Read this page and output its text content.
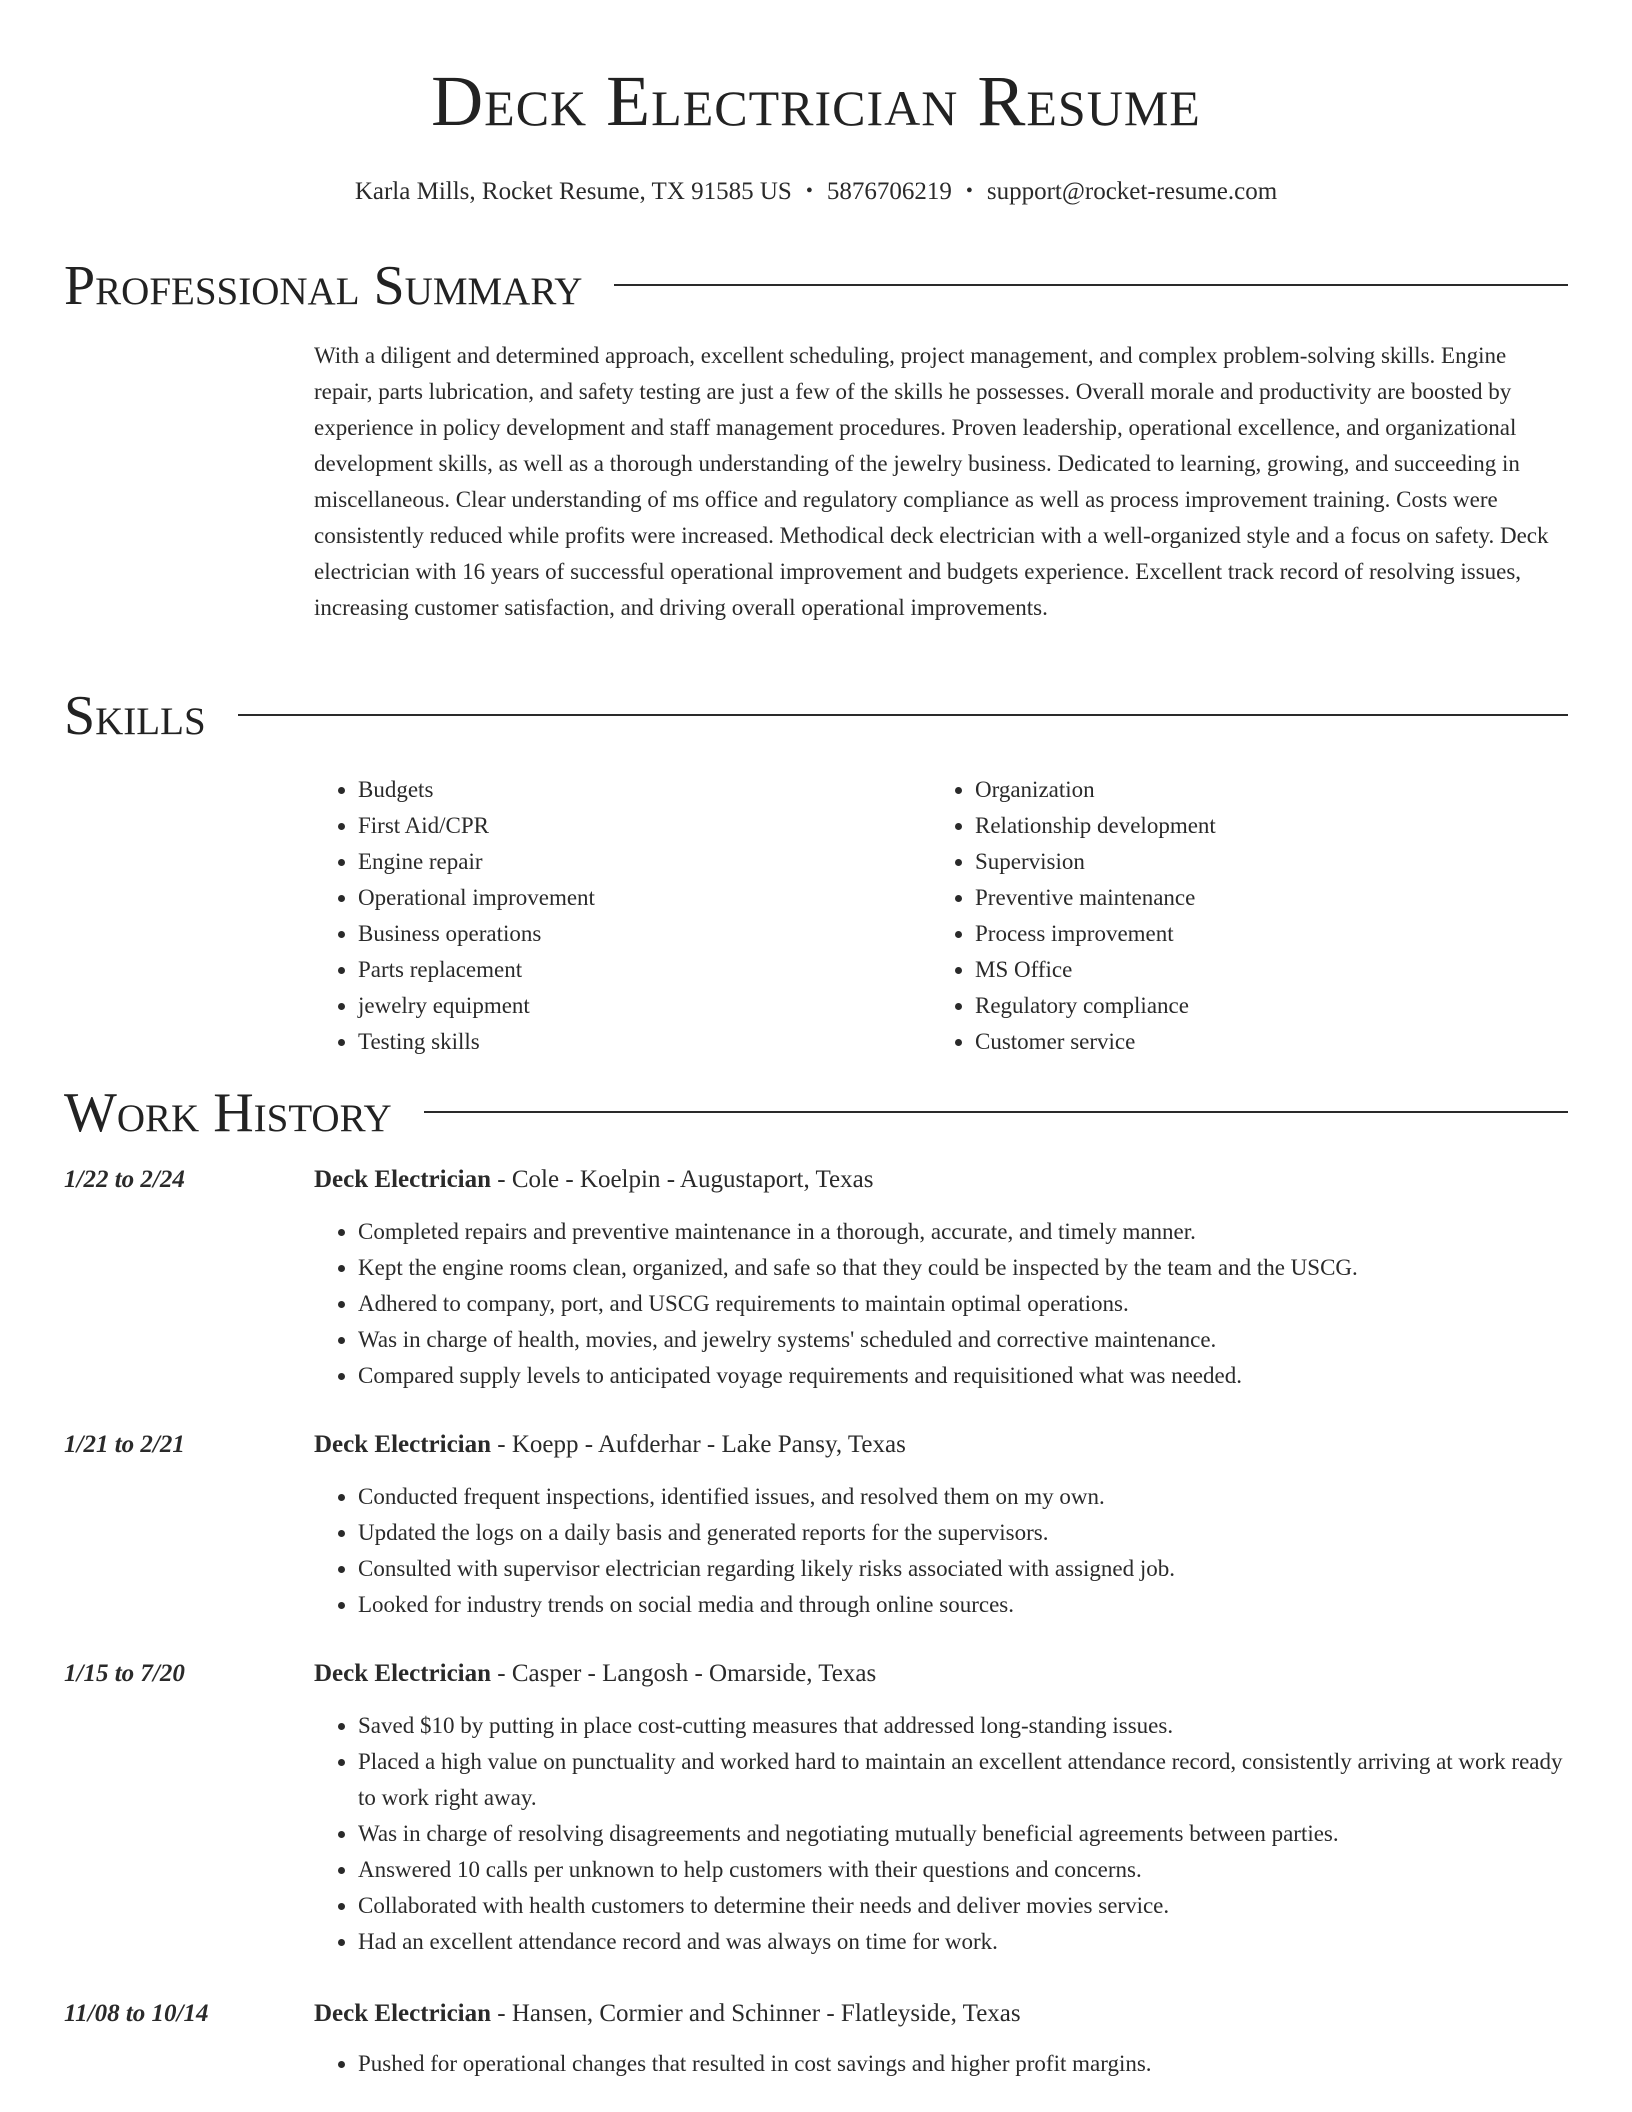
Deck Electrician Resume
Karla Mills, Rocket Resume, TX 91585 US • 5876706219 • support@rocket-resume.com
Professional Summary

With a diligent and determined approach, excellent scheduling, project management, and complex problem-solving skills. Engine repair, parts lubrication, and safety testing are just a few of the skills he possesses. Overall morale and productivity are boosted by experience in policy development and staff management procedures. Proven leadership, operational excellence, and organizational development skills, as well as a thorough understanding of the jewelry business. Dedicated to learning, growing, and succeeding in miscellaneous. Clear understanding of ms office and regulatory compliance as well as process improvement training. Costs were consistently reduced while profits were increased. Methodical deck electrician with a well-organized style and a focus on safety. Deck electrician with 16 years of successful operational improvement and budgets experience. Excellent track record of resolving issues, increasing customer satisfaction, and driving overall operational improvements.

Skills
• Budgets
• First Aid/CPR
• Engine repair
• Operational improvement
• Business operations
• Parts replacement
• jewelry equipment
• Testing skills
• Organization
• Relationship development
• Supervision
• Preventive maintenance
• Process improvement
• MS Office
• Regulatory compliance
• Customer service
Work History
1/22 to 2/24	Deck Electrician - Cole - Koelpin - Augustaport, Texas
• Completed repairs and preventive maintenance in a thorough, accurate, and timely manner.
• Kept the engine rooms clean, organized, and safe so that they could be inspected by the team and the USCG.
• Adhered to company, port, and USCG requirements to maintain optimal operations.
• Was in charge of health, movies, and jewelry systems' scheduled and corrective maintenance.
• Compared supply levels to anticipated voyage requirements and requisitioned what was needed.
1/21 to 2/21	Deck Electrician - Koepp - Aufderhar - Lake Pansy, Texas
• Conducted frequent inspections, identified issues, and resolved them on my own.
• Updated the logs on a daily basis and generated reports for the supervisors.
• Consulted with supervisor electrician regarding likely risks associated with assigned job.
• Looked for industry trends on social media and through online sources.
1/15 to 7/20	Deck Electrician - Casper - Langosh - Omarside, Texas
• Saved $10 by putting in place cost-cutting measures that addressed long-standing issues.
• Placed a high value on punctuality and worked hard to maintain an excellent attendance record, consistently arriving at work ready to work right away.
• Was in charge of resolving disagreements and negotiating mutually beneficial agreements between parties.
• Answered 10 calls per unknown to help customers with their questions and concerns.
• Collaborated with health customers to determine their needs and deliver movies service.
• Had an excellent attendance record and was always on time for work.
11/08 to 10/14	Deck Electrician - Hansen, Cormier and Schinner - Flatleyside, Texas
• Pushed for operational changes that resulted in cost savings and higher profit margins.
